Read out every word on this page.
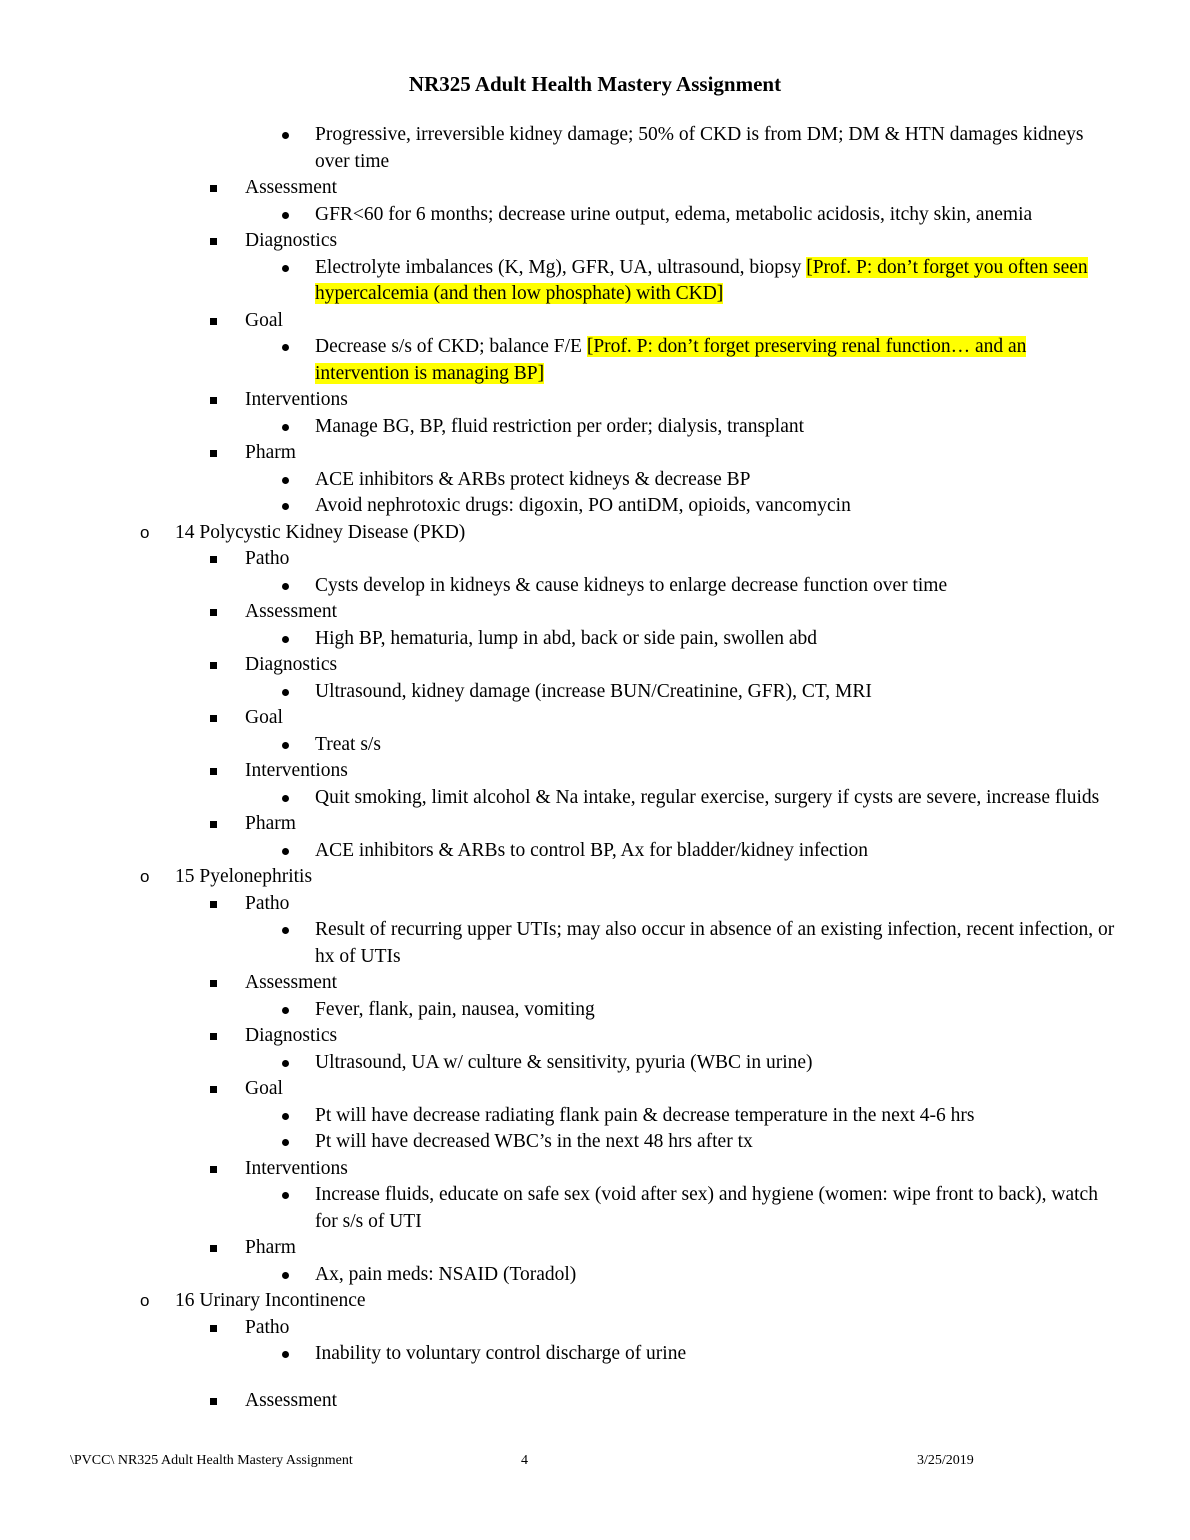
NR325 Adult Health Mastery Assignment
Progressive, irreversible kidney damage; 50% of CKD is from DM; DM & HTN damages kidneys over time
Assessment
GFR<60 for 6 months; decrease urine output, edema, metabolic acidosis, itchy skin, anemia
Diagnostics
Electrolyte imbalances (K, Mg), GFR, UA, ultrasound, biopsy [Prof. P: don’t forget you often seen hypercalcemia (and then low phosphate) with CKD]
Goal
Decrease s/s of CKD; balance F/E [Prof. P: don’t forget preserving renal function… and an intervention is managing BP]
Interventions
Manage BG, BP, fluid restriction per order; dialysis, transplant
Pharm
ACE inhibitors & ARBs protect kidneys & decrease BP
Avoid nephrotoxic drugs: digoxin, PO antiDM, opioids, vancomycin
o 14 Polycystic Kidney Disease (PKD)
Patho
Cysts develop in kidneys & cause kidneys to enlarge decrease function over time
Assessment
High BP, hematuria, lump in abd, back or side pain, swollen abd
Diagnostics
Ultrasound, kidney damage (increase BUN/Creatinine, GFR), CT, MRI
Goal
Treat s/s
Interventions
Quit smoking, limit alcohol & Na intake, regular exercise, surgery if cysts are severe, increase fluids
Pharm
ACE inhibitors & ARBs to control BP, Ax for bladder/kidney infection
o 15 Pyelonephritis
Patho
Result of recurring upper UTIs; may also occur in absence of an existing infection, recent infection, or hx of UTIs
Assessment
Fever, flank, pain, nausea, vomiting
Diagnostics
Ultrasound, UA w/ culture & sensitivity, pyuria (WBC in urine)
Goal
Pt will have decrease radiating flank pain & decrease temperature in the next 4-6 hrs
Pt will have decreased WBC’s in the next 48 hrs after tx
Interventions
Increase fluids, educate on safe sex (void after sex) and hygiene (women: wipe front to back), watch for s/s of UTI
Pharm
Ax, pain meds: NSAID (Toradol)
o 16 Urinary Incontinence
Patho
Inability to voluntary control discharge of urine
Assessment
\PVCC\ NR325 Adult Health Mastery Assignment	4	3/25/2019
